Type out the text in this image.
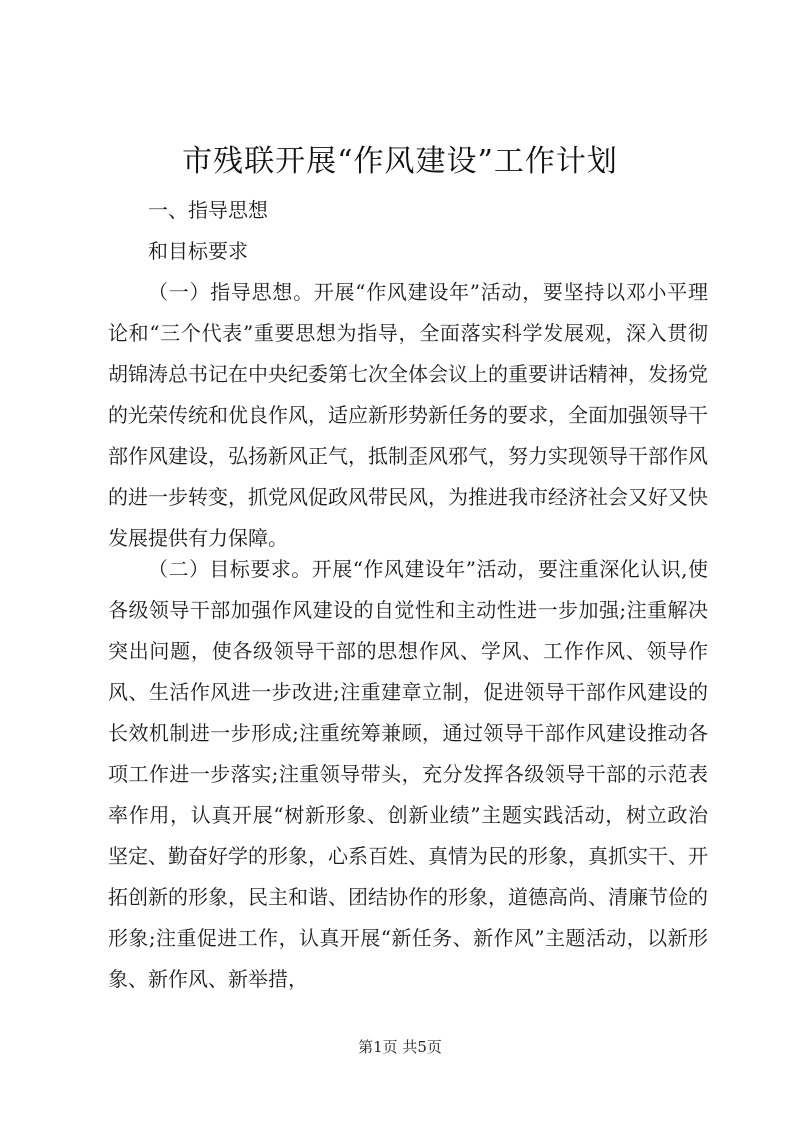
市残联开展“作风建设”工作计划
一、指导思想
和目标要求
（一）指导思想。开展“作风建设年”活动，要坚持以邓小平理论和“三个代表”重要思想为指导，全面落实科学发展观，深入贯彻胡锦涛总书记在中央纪委第七次全体会议上的重要讲话精神，发扬党的光荣传统和优良作风，适应新形势新任务的要求，全面加强领导干部作风建设，弘扬新风正气，抵制歪风邪气，努力实现领导干部作风的进一步转变，抓党风促政风带民风，为推进我市经济社会又好又快发展提供有力保障。
（二）目标要求。开展“作风建设年”活动，要注重深化认识,使各级领导干部加强作风建设的自觉性和主动性进一步加强;注重解决突出问题，使各级领导干部的思想作风、学风、工作作风、领导作风、生活作风进一步改进;注重建章立制，促进领导干部作风建设的长效机制进一步形成;注重统筹兼顾，通过领导干部作风建设推动各项工作进一步落实;注重领导带头，充分发挥各级领导干部的示范表率作用，认真开展“树新形象、创新业绩”主题实践活动，树立政治坚定、勤奋好学的形象，心系百姓、真情为民的形象，真抓实干、开拓创新的形象，民主和谐、团结协作的形象，道德高尚、清廉节俭的形象;注重促进工作，认真开展“新任务、新作风”主题活动，以新形象、新作风、新举措，
第1页 共5页
